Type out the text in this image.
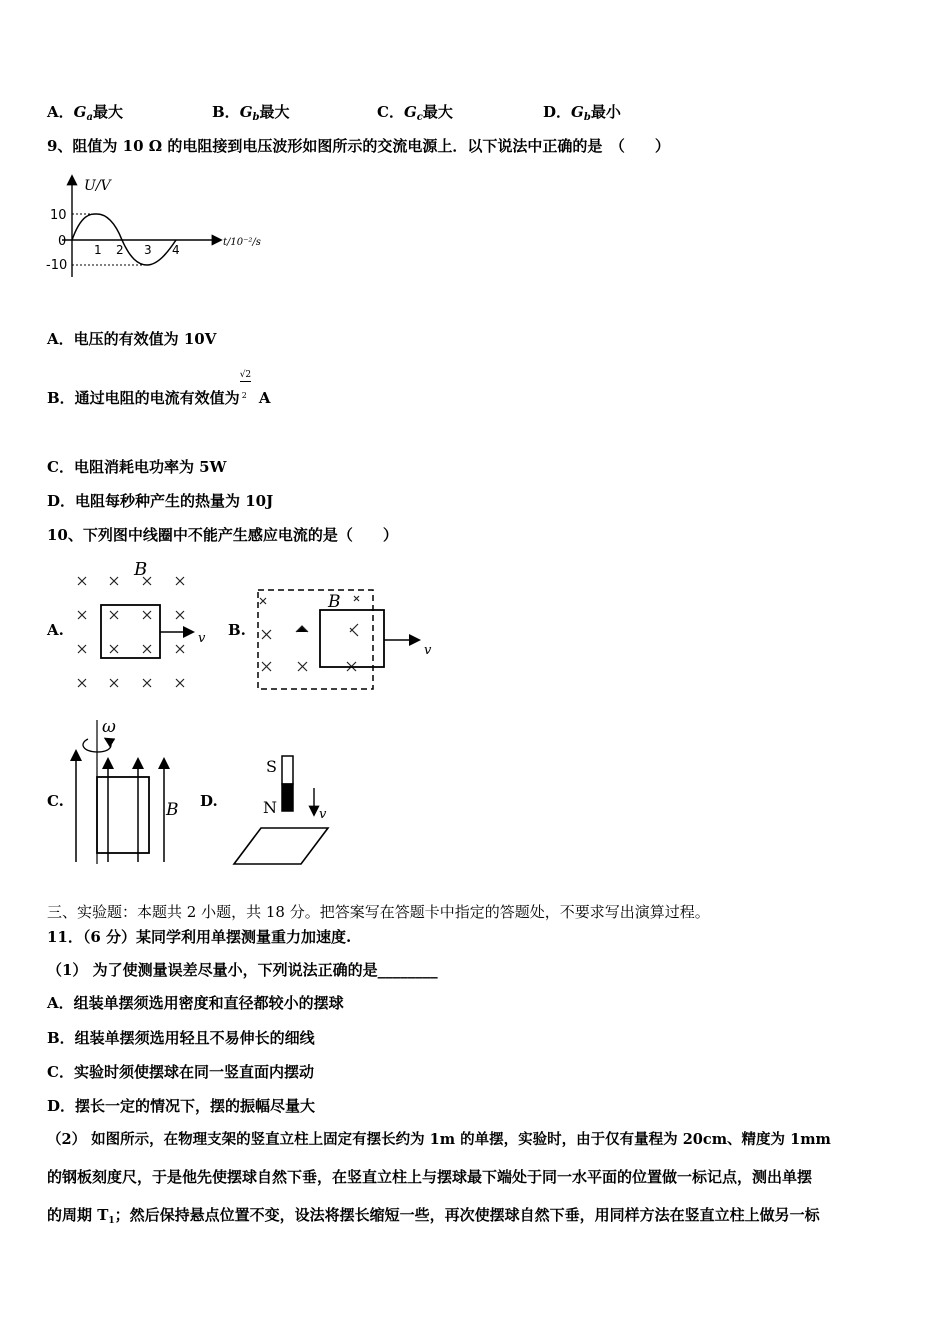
A．$G_a$最大	B．$G_b$最大	C．$G_c$最大	D．$G_b$最小
9、阻值为 10 Ω 的电阻接到电压波形如图所示的交流电源上．以下说法中正确的是　（　　）
U/V
t/10⁻²/s
10
0
-10
1 2 3 4
A．电压的有效值为 10V
B．通过电阻的电流有效值为 $\frac{√2}{2}$ A
C．电阻消耗电功率为 5W
D．电阻每秒种产生的热量为 10J
10、下列图中线圈中不能产生感应电流的是（　　）
A.
B
v B.
B
v
C.
ω
B D.
S
N	v
三、实验题：本题共 2 小题，共 18 分。把答案写在答题卡中指定的答题处，不要求写出演算过程。
11．（6 分）某同学利用单摆测量重力加速度.
（1） 为了使测量误差尽量小，下列说法正确的是________
A．组装单摆须选用密度和直径都较小的摆球
B．组装单摆须选用轻且不易伸长的细线
C．实验时须使摆球在同一竖直面内摆动
D．摆长一定的情况下，摆的振幅尽量大
（2） 如图所示，在物理支架的竖直立柱上固定有摆长约为 1m 的单摆，实验时，由于仅有量程为 20cm、精度为 1mm
的钢板刻度尺，于是他先使摆球自然下垂，在竖直立柱上与摆球最下端处于同一水平面的位置做一标记点，测出单摆
的周期 $T_1$；然后保持悬点位置不变，设法将摆长缩短一些，再次使摆球自然下垂，用同样方法在竖直立柱上做另一标
